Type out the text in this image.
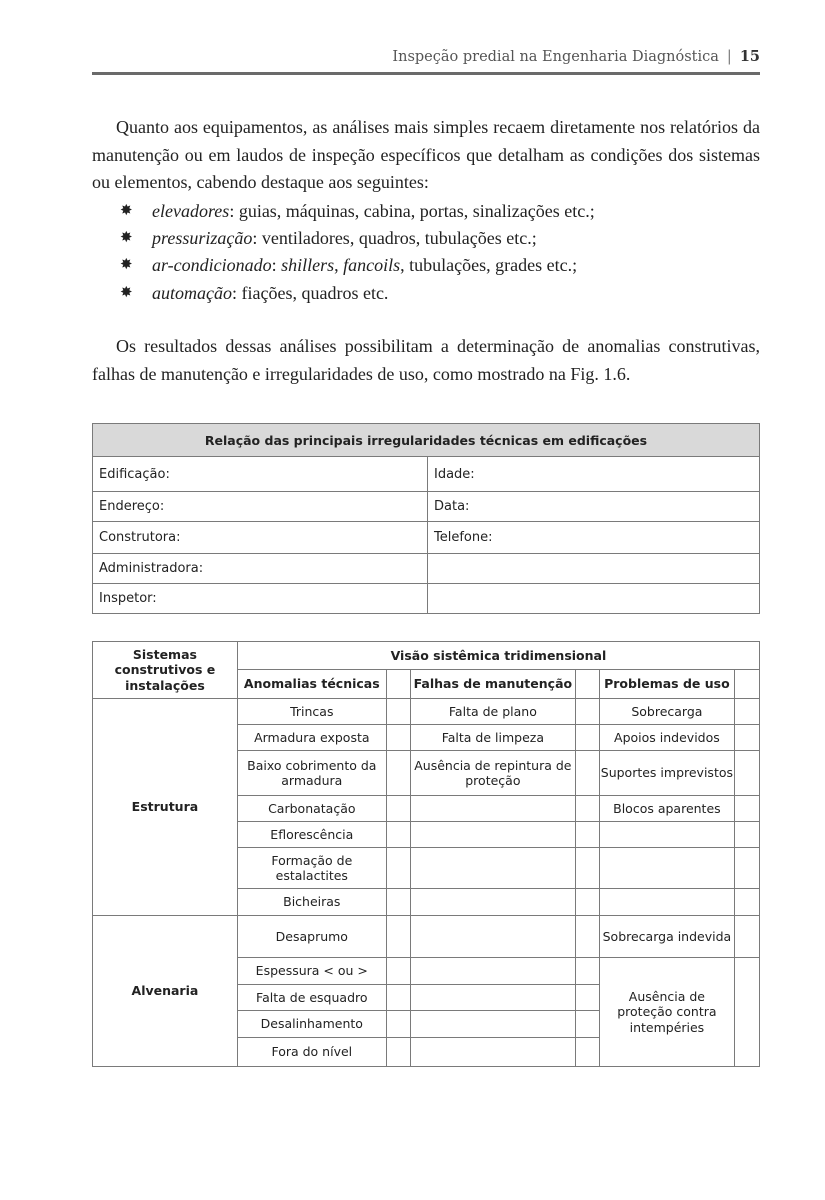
Inspeção predial na Engenharia Diagnóstica | 15
Quanto aos equipamentos, as análises mais simples recaem diretamente nos relatórios da manutenção ou em laudos de inspeção específicos que detalham as condições dos sistemas ou elementos, cabendo destaque aos seguintes:
✸ elevadores: guias, máquinas, cabina, portas, sinalizações etc.;
✸ pressurização: ventiladores, quadros, tubulações etc.;
✸ ar-condicionado: shillers, fancoils, tubulações, grades etc.;
✸ automação: fiações, quadros etc.
Os resultados dessas análises possibilitam a determinação de anomalias construtivas, falhas de manutenção e irregularidades de uso, como mostrado na Fig. 1.6.
Relação das principais irregularidades técnicas em edificações	
Edificação:	Idade:
Endereço:	Data:
Construtora:	Telefone:
Administradora:	
Inspetor:	
Sistemas construtivos e instalações	Visão sistêmica tridimensional					
	Anomalias técnicas		Falhas de manutenção		Problemas de uso	
Estrutura	Trincas		Falta de plano		Sobrecarga	
	Armadura exposta		Falta de limpeza		Apoios indevidos	
	Baixo cobrimento da armadura		Ausência de repintura de proteção		Suportes imprevistos	
	Carbonatação				Blocos aparentes	
	Eflorescência					
	Formação de estalactites					
	Bicheiras					
Alvenaria	Desaprumo				Sobrecarga indevida	
	Espessura < ou >				Ausência de proteção contra intempéries	
	Falta de esquadro					
	Desalinhamento					
	Fora do nível					
